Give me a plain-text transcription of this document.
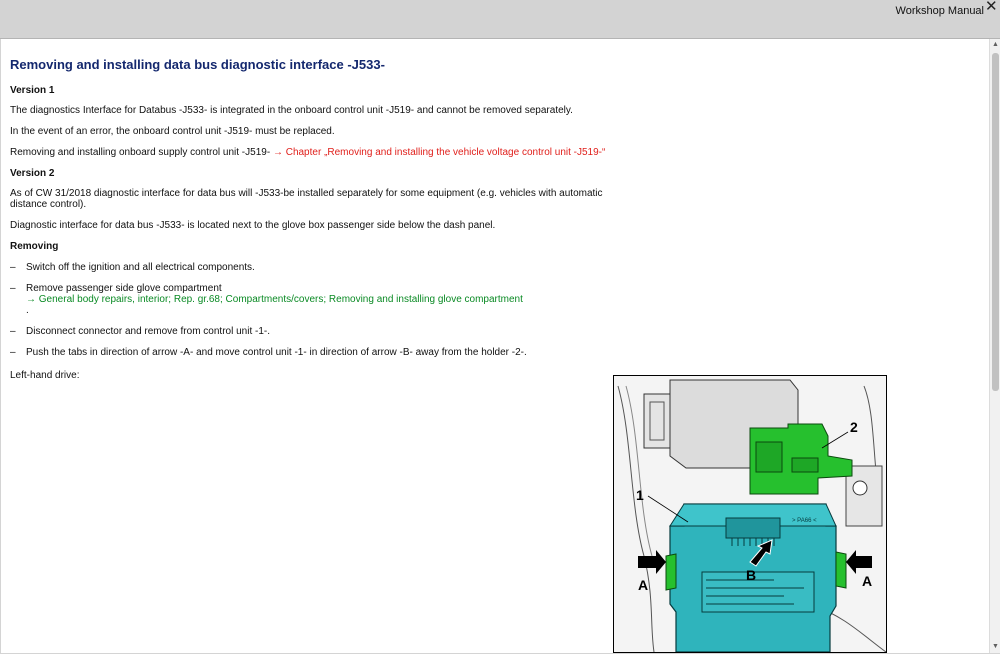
Workshop Manual ✕
Removing and installing data bus diagnostic interface -J533-
Version 1

The diagnostics Interface for Databus -J533- is integrated in the onboard control unit -J519- and cannot be removed separately.

In the event of an error, the onboard control unit -J519- must be replaced.

Removing and installing onboard supply control unit -J519- → Chapter „Removing and installing the vehicle voltage control unit -J519-“

Version 2

As of CW 31/2018 diagnostic interface for data bus will -J533-be installed separately for some equipment (e.g. vehicles with automatic distance control).

Diagnostic interface for data bus -J533- is located next to the glove box passenger side below the dash panel.

Removing
– Switch off the ignition and all electrical components.
– Remove passenger side glove compartment
→ General body repairs, interior; Rep. gr.68; Compartments/covers; Removing and installing glove compartment
.
– Disconnect connector and remove from control unit -1-.
– Push the tabs in direction of arrow -A- and move control unit -1- in direction of arrow -B- away from the holder -2-.

Left-hand drive:

> PA66 <
1
2
A	A
B
▲
▼
